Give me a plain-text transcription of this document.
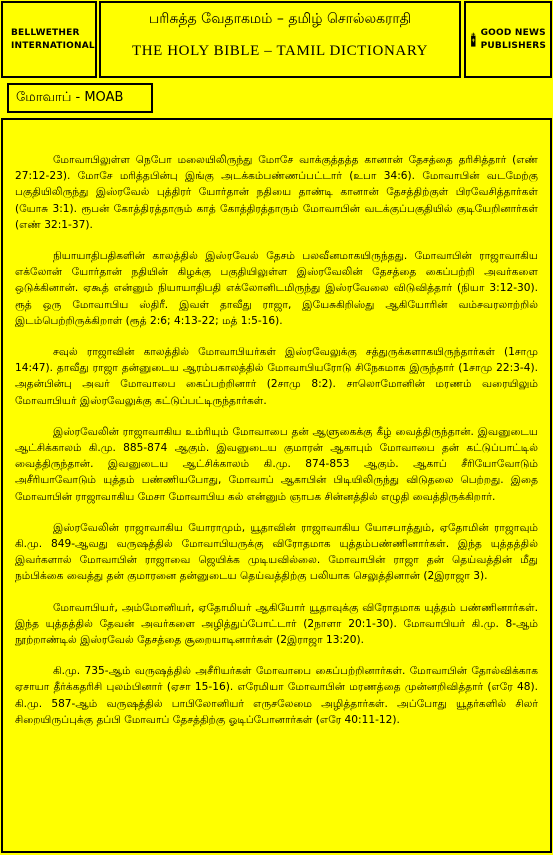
BELLWETHER
INTERNATIONAL
பரிசுத்த வேதாகமம் – தமிழ் சொல்லகராதி
THE HOLY BIBLE – TAMIL DICTIONARY
GOOD NEWS
PUBLISHERS
மோவாப் - MOAB

மோவாபிலுள்ள நெபோ மலையிலிருந்து மோசே வாக்குத்தத்த கானான் தேசத்தை தரிசித்தார் (எண் 27:12-23). மோசே மரித்தபின்பு இங்கு அடக்கம்பண்ணப்பட்டார் (உபா 34:6). மோவாபின் வடமேற்கு பகுதியிலிருந்து இஸ்ரவேல் புத்திரர் யோர்தான் நதியை தாண்டி கானான் தேசத்திற்குள் பிரவேசித்தார்கள் (யோசு 3:1). ரூபன் கோத்திரத்தாரும் காத் கோத்திரத்தாரும் மோவாபின் வடக்குப்பகுதியில் குடியேறினார்கள் (எண் 32:1-37).

நியாயாதிபதிகளின் காலத்தில் இஸ்ரவேல் தேசம் பலவீனமாகயிருந்தது. மோவாபின் ராஜாவாகிய எக்லோன் யோர்தான் நதியின் கிழக்கு பகுதியிலுள்ள இஸ்ரவேலின் தேசத்தை கைப்பற்றி அவர்களை ஒடுக்கினான். ஏகூத் என்னும் நியாயாதிபதி எக்லோனிடமிருந்து இஸ்ரவேலை விடுவித்தார் (நியா 3:12-30). ரூத் ஒரு மோவாபிய ஸ்திரீ. இவள் தாவீது ராஜா, இயேசுகிறிஸ்து ஆகியோரின் வம்சவரலாற்றில் இடம்பெற்றிருக்கிறாள் (ரூத் 2:6; 4:13-22; மத் 1:5-16).

சவுல் ராஜாவின் காலத்தில் மோவாபியர்கள் இஸ்ரவேலுக்கு சத்துருக்களாகயிருந்தார்கள் (1சாமு 14:47). தாவீது ராஜா தன்னுடைய ஆரம்பகாலத்தில் மோவாபியரோடு சிநேகமாக இருந்தார் (1சாமு 22:3-4). அதன்பின்பு அவர் மோவாபை கைப்பற்றினார் (2சாமு 8:2). சாலொமோனின் மரணம் வரையிலும் மோவாபியர் இஸ்ரவேலுக்கு கட்டுப்பட்டிருந்தார்கள்.

இஸ்ரவேலின் ராஜாவாகிய உம்ரியும் மோவாபை தன் ஆளுகைக்கு கீழ் வைத்திருந்தான். இவனுடைய ஆட்சிக்காலம் கி.மு. 885-874 ஆகும். இவனுடைய குமாரன் ஆகாபும் மோவாபை தன் கட்டுப்பாட்டில் வைத்திருந்தான். இவனுடைய ஆட்சிக்காலம் கி.மு. 874-853 ஆகும். ஆகாப் சீரியோவோடும் அசீரியாவோடும் யுத்தம் பண்ணியபோது, மோவாப் ஆகாபின் பிடியிலிருந்து விடுதலை பெற்றது. இதை மோவாபின் ராஜாவாகிய மேசா மோவாபிய கல் என்னும் ஞாபக சின்னத்தில் எழுதி வைத்திருக்கிறார்.

இஸ்ரவேலின் ராஜாவாகிய யோராமும், யூதாவின் ராஜாவாகிய யோசபாத்தும், ஏதோமின் ராஜாவும் கி.மு. 849-ஆவது வருஷத்தில் மோவாபியருக்கு விரோதமாக யுத்தம்பண்ணினார்கள். இந்த யுத்தத்தில் இவர்களால் மோவாபின் ராஜாவை ஜெயிக்க முடியவில்லை. மோவாபின் ராஜா தன் தெய்வத்தின் மீது நம்பிக்கை வைத்து தன் குமாரனை தன்னுடைய தெய்வத்திற்கு பலியாக செலுத்தினான் (2இராஜா 3).

மோவாபியர், அம்மோனியர், ஏதோமியர் ஆகியோர் யூதாவுக்கு விரோதமாக யுத்தம் பண்ணினார்கள். இந்த யுத்தத்தில் தேவன் அவர்களை அழித்துப்போட்டார் (2நாளா 20:1-30). மோவாபியர் கி.மு. 8-ஆம் நூற்றாண்டில் இஸ்ரவேல் தேசத்தை சூறையாடினார்கள் (2இராஜா 13:20).

கி.மு. 735-ஆம் வருஷத்தில் அசீரியர்கள் மோவாபை கைப்பற்றினார்கள். மோவாபின் தோல்விக்காக ஏசாயா தீர்க்கதரிசி புலம்பினார் (ஏசா 15-16). எரேமியா மோவாபின் மரணத்தை முன்னறிவித்தார் (எரே 48). கி.மு. 587-ஆம் வருஷத்தில் பாபிலோனியர் எருசலேமை அழித்தார்கள். அப்போது யூதர்களில் சிலர் சிறையிருப்புக்கு தப்பி மோவாப் தேசத்திற்கு ஓடிப்போனார்கள் (எரே 40:11-12).
